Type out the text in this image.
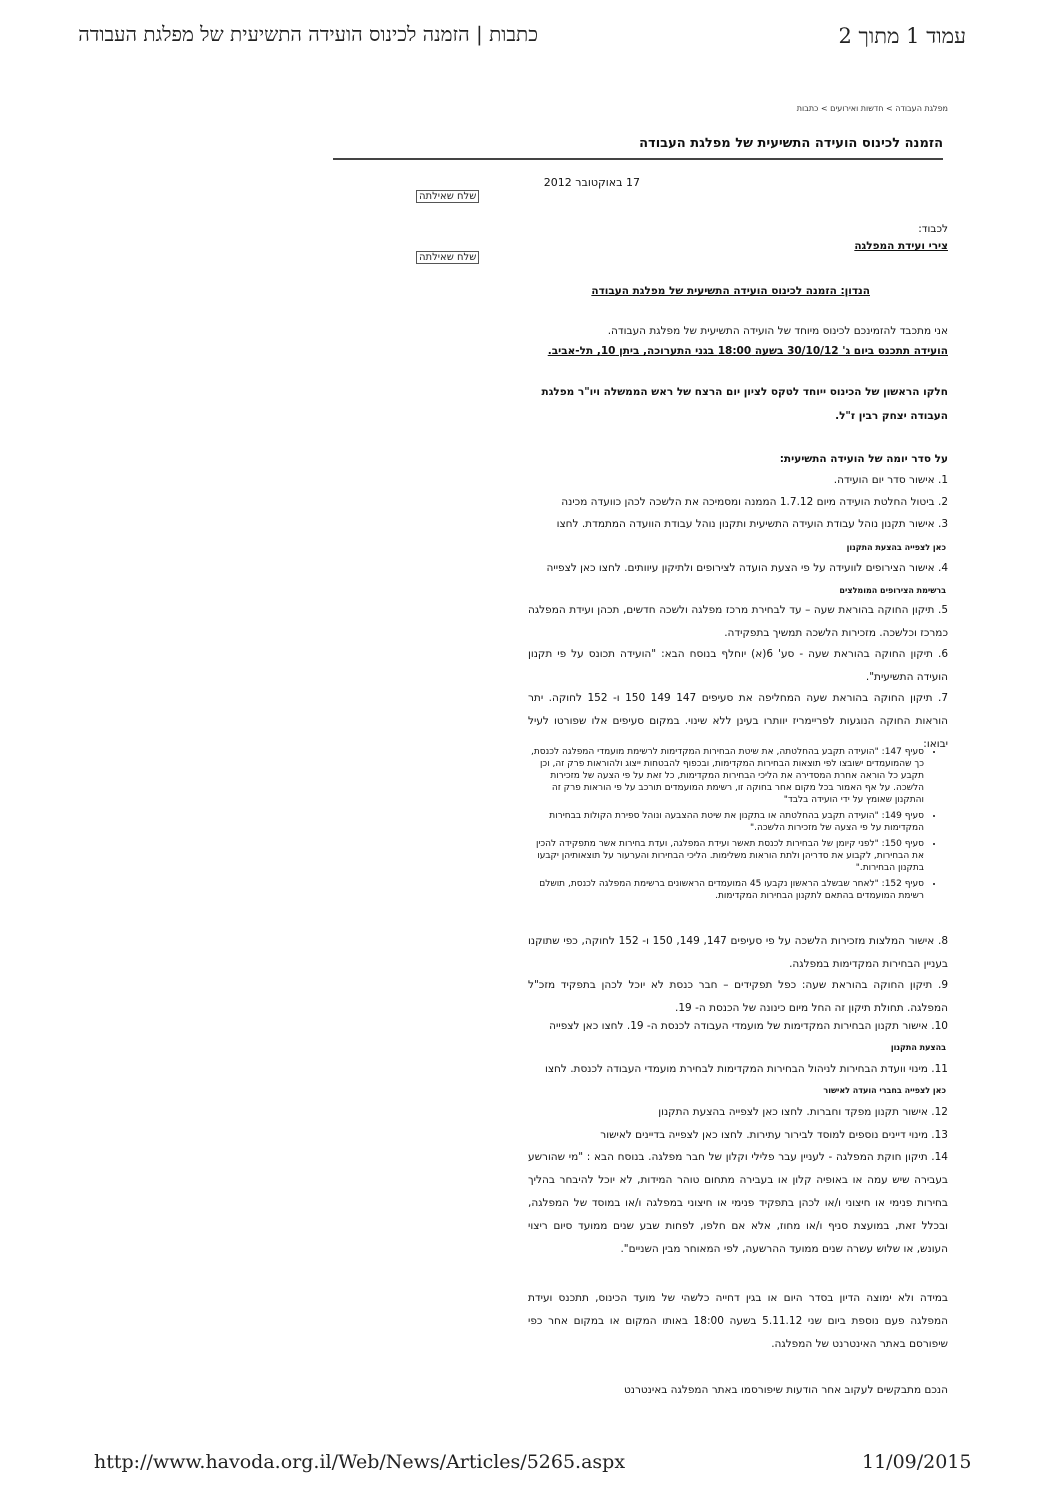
כתבות | הזמנה לכינוס הועידה התשיעית של מפלגת העבודה	עמוד 1 מתוך 2
מפלגת העבודה > חדשות ואירועים > כתבות
הזמנה לכינוס הועידה התשיעית של מפלגת העבודה
17 באוקטובר 2012
שלח שאילתה
שלח שאילתה
לכבוד:
צירי ועידת המפלגה
הנדון: הזמנה לכינוס הועידה התשיעית של מפלגת העבודה
אני מתכבד להזמינכם לכינוס מיוחד של הועידה התשיעית של מפלגת העבודה.
הועידה תתכנס ביום ג' 30/10/12 בשעה 18:00 בגני התערוכה, ביתן 10, תל-אביב.
חלקו הראשון של הכינוס ייוחד לטקס לציון יום הרצח של ראש הממשלה ויו"ר מפלגת העבודה יצחק רבין ז"ל.
על סדר יומה של הועידה התשיעית:
1. אישור סדר יום הועידה.
2. ביטול החלטת הועידה מיום 1.7.12 הממנה ומסמיכה את הלשכה לכהן כוועדה מכינה
3. אישור תקנון נוהל עבודת הועידה התשיעית ותקנון נוהל עבודת הוועדה המתמדת. לחצו
כאן לצפייה בהצעת התקנון
4. אישור הצירופים לוועידה על פי הצעת הועדה לצירופים ולתיקון עיוותים. לחצו כאן לצפייה
ברשימת הצירופים המומלצים
5. תיקון החוקה בהוראת שעה – עד לבחירת מרכז מפלגה ולשכה חדשים, תכהן ועידת המפלגה כמרכז וכלשכה. מזכירות הלשכה תמשיך בתפקידה.
6. תיקון החוקה בהוראת שעה - סע' 6(א) יוחלף בנוסח הבא: "הועידה תכונס על פי תקנון הועידה התשיעית".
7. תיקון החוקה בהוראת שעה המחליפה את סעיפים 147 149 150 ו- 152 לחוקה. יתר הוראות החוקה הנוגעות לפריימריז יוותרו בעינן ללא שינוי. במקום סעיפים אלו שפורטו לעיל יבואו:
• סעיף 147: "הועידה תקבע בהחלטתה, את שיטת הבחירות המקדימות לרשימת מועמדי המפלגה לכנסת, כך שהמועמדים ישובצו לפי תוצאות הבחירות המקדימות, ובכפוף להבטחות ייצוג ולהוראות פרק זה, וכן תקבע כל הוראה אחרת המסדירה את הליכי הבחירות המקדימות, כל זאת על פי הצעה של מזכירות הלשכה. על אף האמור בכל מקום אחר בחוקה זו, רשימת המועמדים תורכב על פי הוראות פרק זה והתקנון שאומץ על ידי הועידה בלבד"
• סעיף 149: "הועידה תקבע בהחלטתה או בתקנון את שיטת ההצבעה ונוהל ספירת הקולות בבחירות המקדימות על פי הצעה של מזכירות הלשכה."
• סעיף 150: "לפני קיומן של הבחירות לכנסת תאשר ועידת המפלגה, ועדת בחירות אשר מתפקידה להכין את הבחירות, לקבוע את סדריהן ולתת הוראות משלימות. הליכי הבחירות והערעור על תוצאותיהן יקבעו בתקנון הבחירות."
• סעיף 152: "לאחר שבשלב הראשון נקבעו 45 המועמדים הראשונים ברשימת המפלגה לכנסת, תושלם רשימת המועמדים בהתאם לתקנון הבחירות המקדימות.
8. אישור המלצות מזכירות הלשכה על פי סעיפים 147, 149, 150 ו- 152 לחוקה, כפי שתוקנו בעניין הבחירות המקדימות במפלגה.
9. תיקון החוקה בהוראת שעה: כפל תפקידים – חבר כנסת לא יוכל לכהן בתפקיד מזכ"ל המפלגה. תחולת תיקון זה החל מיום כינונה של הכנסת ה- 19.
10. אישור תקנון הבחירות המקדימות של מועמדי העבודה לכנסת ה- 19. לחצו כאן לצפייה
בהצעת התקנון
11. מינוי וועדת הבחירות לניהול הבחירות המקדימות לבחירת מועמדי העבודה לכנסת. לחצו
כאן לצפייה בחברי הועדה לאישור
12. אישור תקנון מפקד וחברות. לחצו כאן לצפייה בהצעת התקנון
13. מינוי דיינים נוספים למוסד לבירור עתירות. לחצו כאן לצפייה בדיינים לאישור
14. תיקון חוקת המפלגה - לעניין עבר פלילי וקלון של חבר מפלגה. בנוסח הבא : "מי שהורשע בעבירה שיש עמה או באופיה קלון או בעבירה מתחום טוהר המידות, לא יוכל להיבחר בהליך בחירות פנימי או חיצוני ו/או לכהן בתפקיד פנימי או חיצוני במפלגה ו/או במוסד של המפלגה, ובכלל זאת, במועצת סניף ו/או מחוז, אלא אם חלפו, לפחות שבע שנים ממועד סיום ריצוי העונש, או שלוש עשרה שנים ממועד ההרשעה, לפי המאוחר מבין השניים".
במידה ולא ימוצה הדיון בסדר היום או בגין דחייה כלשהי של מועד הכינוס, תתכנס ועידת המפלגה פעם נוספת ביום שני 5.11.12 בשעה 18:00 באותו המקום או במקום אחר כפי שיפורסם באתר האינטרנט של המפלגה.
הנכם מתבקשים לעקוב אחר הודעות שיפורסמו באתר המפלגה באינטרנט
http://www.havoda.org.il/Web/News/Articles/5265.aspx	11/09/2015
